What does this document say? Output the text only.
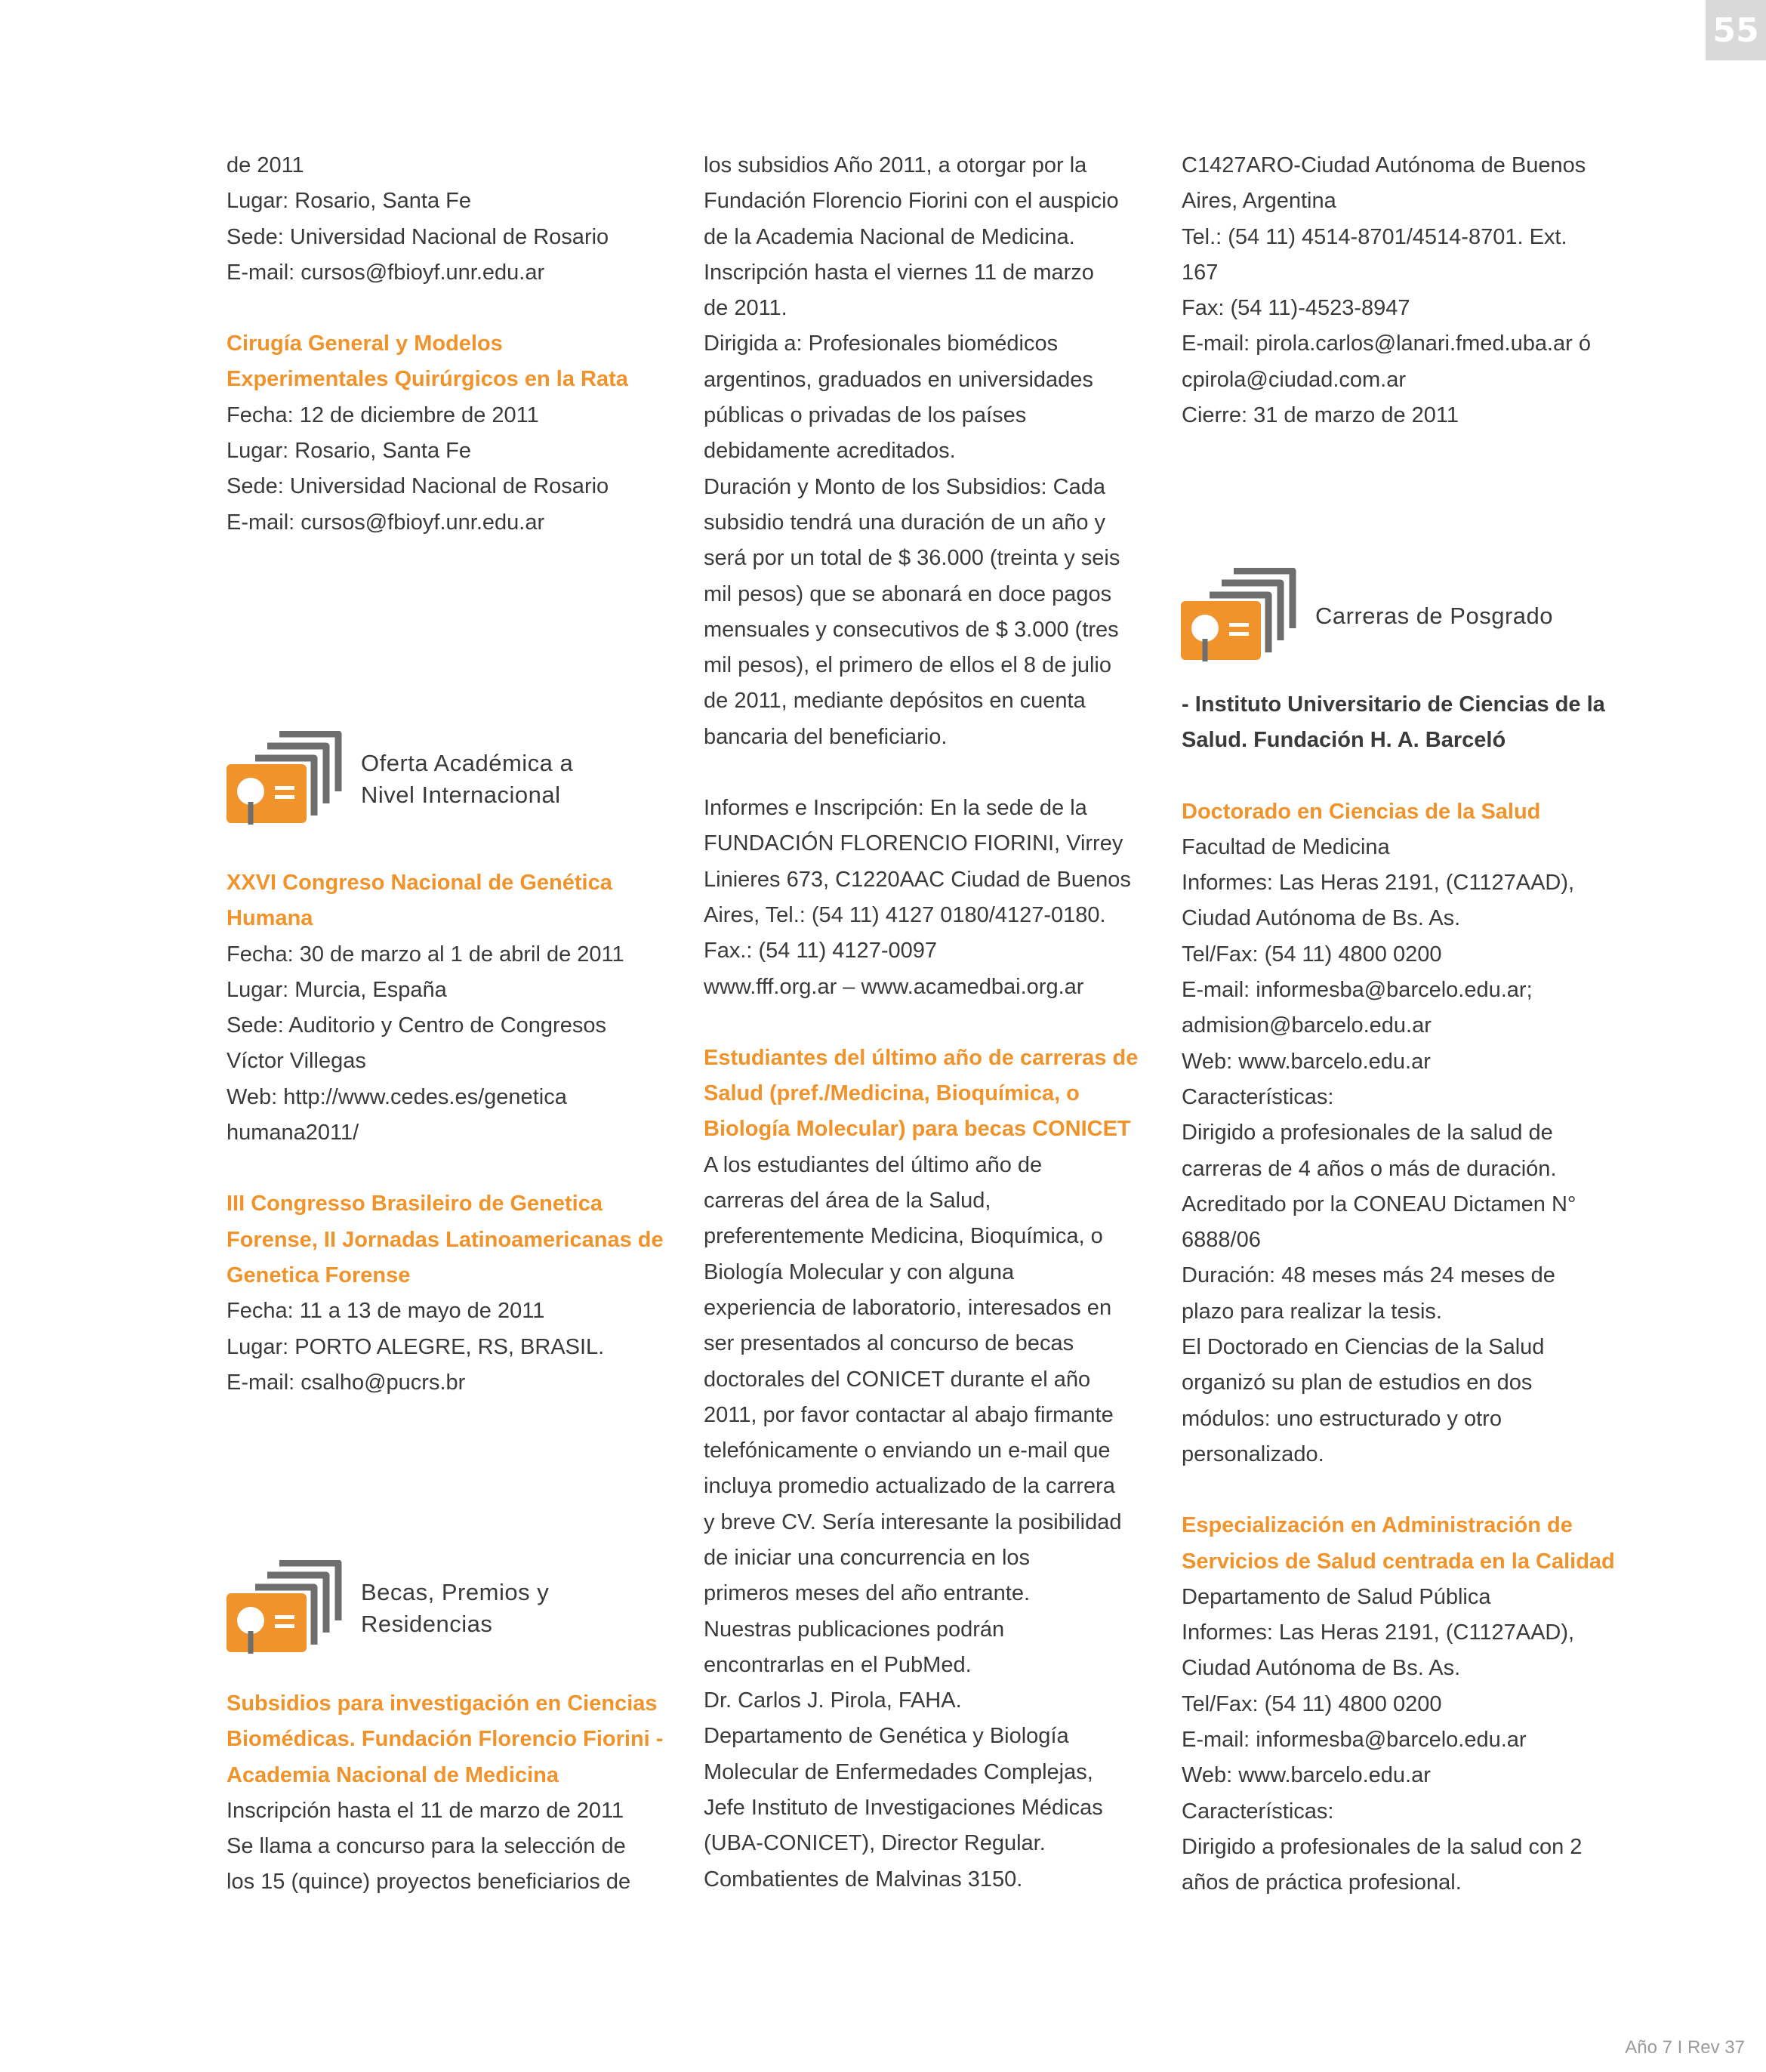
55
de 2011
Lugar: Rosario, Santa Fe
Sede: Universidad Nacional de Rosario
E-mail: cursos@fbioyf.unr.edu.ar
Cirugía General y Modelos
Experimentales Quirúrgicos en la Rata
Fecha: 12 de diciembre de 2011
Lugar: Rosario, Santa Fe
Sede: Universidad Nacional de Rosario
E-mail: cursos@fbioyf.unr.edu.ar
Oferta Académica a
Nivel Internacional
XXVI Congreso Nacional de Genética
Humana
Fecha: 30 de marzo al 1 de abril de 2011
Lugar: Murcia, España
Sede: Auditorio y Centro de Congresos
Víctor Villegas
Web: http://www.cedes.es/genetica
humana2011/
III Congresso Brasileiro de Genetica
Forense, II Jornadas Latinoamericanas de
Genetica Forense
Fecha: 11 a 13 de mayo de 2011
Lugar: PORTO ALEGRE, RS, BRASIL.
E-mail: csalho@pucrs.br
Becas, Premios y
Residencias
Subsidios para investigación en Ciencias
Biomédicas. Fundación Florencio Fiorini -
Academia Nacional de Medicina
Inscripción hasta el 11 de marzo de 2011
Se llama a concurso para la selección de
los 15 (quince) proyectos beneficiarios de
los subsidios Año 2011, a otorgar por la
Fundación Florencio Fiorini con el auspicio
de la Academia Nacional de Medicina.
Inscripción hasta el viernes 11 de marzo
de 2011.
Dirigida a: Profesionales biomédicos
argentinos, graduados en universidades
públicas o privadas de los países
debidamente acreditados.
Duración y Monto de los Subsidios: Cada
subsidio tendrá una duración de un año y
será por un total de $ 36.000 (treinta y seis
mil pesos) que se abonará en doce pagos
mensuales y consecutivos de $ 3.000 (tres
mil pesos), el primero de ellos el 8 de julio
de 2011, mediante depósitos en cuenta
bancaria del beneficiario.
Informes e Inscripción: En la sede de la
FUNDACIÓN FLORENCIO FIORINI, Virrey
Linieres 673, C1220AAC Ciudad de Buenos
Aires, Tel.: (54 11) 4127 0180/4127-0180.
Fax.: (54 11) 4127-0097
www.fff.org.ar – www.acamedbai.org.ar
Estudiantes del último año de carreras de
Salud (pref./Medicina, Bioquímica, o
Biología Molecular) para becas CONICET
A los estudiantes del último año de
carreras del área de la Salud,
preferentemente Medicina, Bioquímica, o
Biología Molecular y con alguna
experiencia de laboratorio, interesados en
ser presentados al concurso de becas
doctorales del CONICET durante el año
2011, por favor contactar al abajo firmante
telefónicamente o enviando un e-mail que
incluya promedio actualizado de la carrera
y breve CV. Sería interesante la posibilidad
de iniciar una concurrencia en los
primeros meses del año entrante.
Nuestras publicaciones podrán
encontrarlas en el PubMed.
Dr. Carlos J. Pirola, FAHA.
Departamento de Genética y Biología
Molecular de Enfermedades Complejas,
Jefe Instituto de Investigaciones Médicas
(UBA-CONICET), Director Regular.
Combatientes de Malvinas 3150.
C1427ARO-Ciudad Autónoma de Buenos
Aires, Argentina
Tel.: (54 11) 4514-8701/4514-8701. Ext.
167
Fax: (54 11)-4523-8947
E-mail: pirola.carlos@lanari.fmed.uba.ar ó
cpirola@ciudad.com.ar
Cierre: 31 de marzo de 2011
Carreras de Posgrado
- Instituto Universitario de Ciencias de la
Salud. Fundación H. A. Barceló
Doctorado en Ciencias de la Salud
Facultad de Medicina
Informes: Las Heras 2191, (C1127AAD),
Ciudad Autónoma de Bs. As.
Tel/Fax: (54 11) 4800 0200
E-mail: informesba@barcelo.edu.ar;
admision@barcelo.edu.ar
Web: www.barcelo.edu.ar
Características:
Dirigido a profesionales de la salud de
carreras de 4 años o más de duración.
Acreditado por la CONEAU Dictamen N°
6888/06
Duración: 48 meses más 24 meses de
plazo para realizar la tesis.
El Doctorado en Ciencias de la Salud
organizó su plan de estudios en dos
módulos: uno estructurado y otro
personalizado.
Especialización en Administración de
Servicios de Salud centrada en la Calidad
Departamento de Salud Pública
Informes: Las Heras 2191, (C1127AAD),
Ciudad Autónoma de Bs. As.
Tel/Fax: (54 11) 4800 0200
E-mail: informesba@barcelo.edu.ar
Web: www.barcelo.edu.ar
Características:
Dirigido a profesionales de la salud con 2
años de práctica profesional.
Año 7 I Rev 37
